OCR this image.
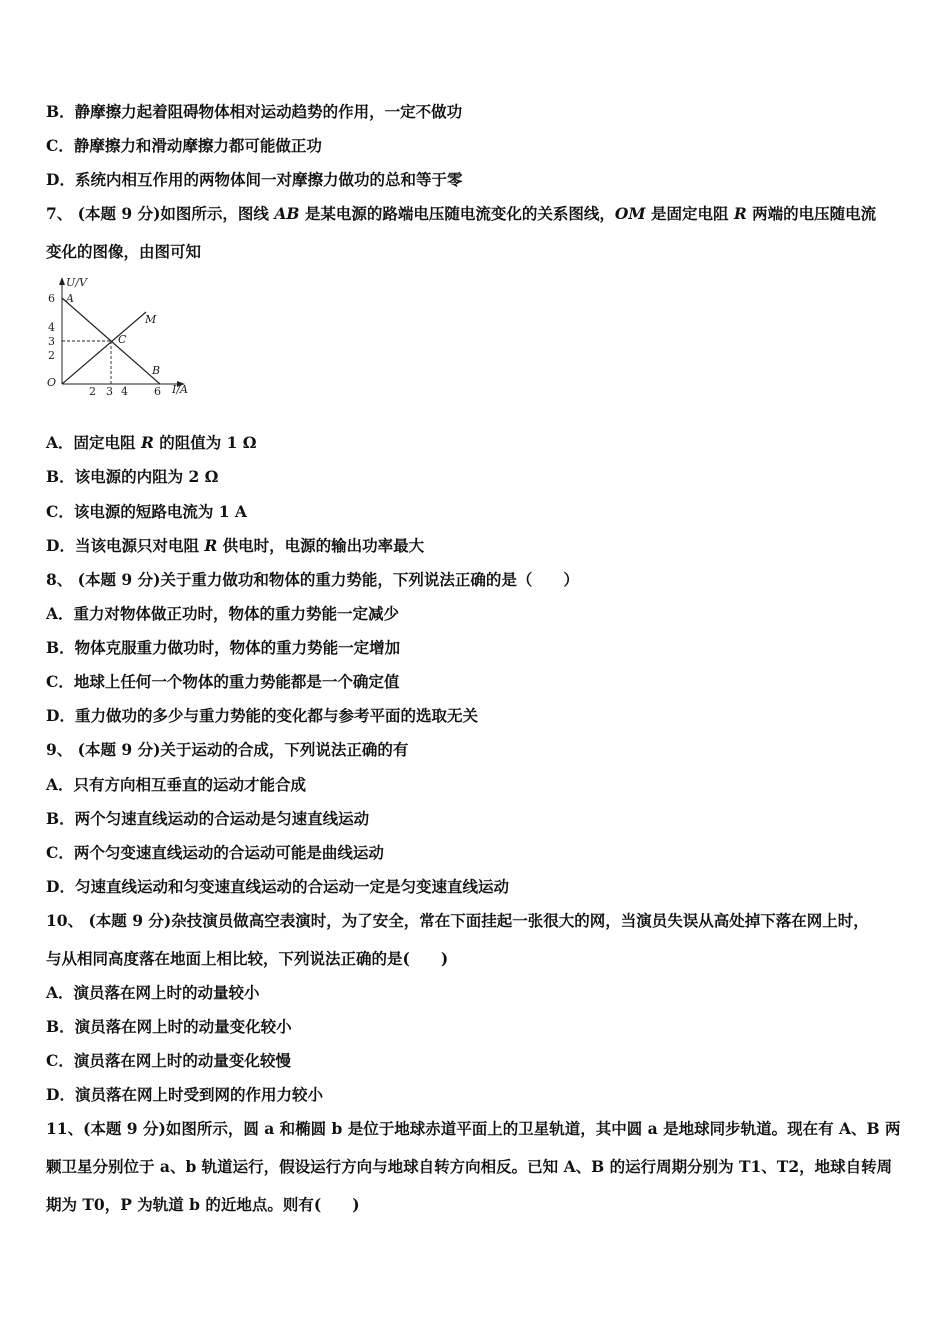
B．静摩擦力起着阻碍物体相对运动趋势的作用，一定不做功
C．静摩擦力和滑动摩擦力都可能做正功
D．系统内相互作用的两物体间一对摩擦力做功的总和等于零
7、 (本题 9 分)如图所示，图线 AB 是某电源的路端电压随电流变化的关系图线，OM 是固定电阻 R 两端的电压随电流
变化的图像，由图可知
U/V
I/A
6
4
3
2
2 3 4 6
O
A
B
C
M
A．固定电阻 R 的阻值为 1 Ω
B．该电源的内阻为 2 Ω
C．该电源的短路电流为 1 A
D．当该电源只对电阻 R 供电时，电源的输出功率最大
8、 (本题 9 分)关于重力做功和物体的重力势能，下列说法正确的是（　　）
A．重力对物体做正功时，物体的重力势能一定减少
B．物体克服重力做功时，物体的重力势能一定增加
C．地球上任何一个物体的重力势能都是一个确定值
D．重力做功的多少与重力势能的变化都与参考平面的选取无关
9、 (本题 9 分)关于运动的合成，下列说法正确的有
A．只有方向相互垂直的运动才能合成
B．两个匀速直线运动的合运动是匀速直线运动
C．两个匀变速直线运动的合运动可能是曲线运动
D．匀速直线运动和匀变速直线运动的合运动一定是匀变速直线运动
10、 (本题 9 分)杂技演员做高空表演时，为了安全，常在下面挂起一张很大的网，当演员失误从高处掉下落在网上时，
与从相同高度落在地面上相比较，下列说法正确的是(　　)
A．演员落在网上时的动量较小
B．演员落在网上时的动量变化较小
C．演员落在网上时的动量变化较慢
D．演员落在网上时受到网的作用力较小
11、(本题 9 分)如图所示，圆 a 和椭圆 b 是位于地球赤道平面上的卫星轨道，其中圆 a 是地球同步轨道。现在有 A、B 两
颗卫星分别位于 a、b 轨道运行，假设运行方向与地球自转方向相反。已知 A、B 的运行周期分别为 T1、T2，地球自转周
期为 T0，P 为轨道 b 的近地点。则有(　　)
